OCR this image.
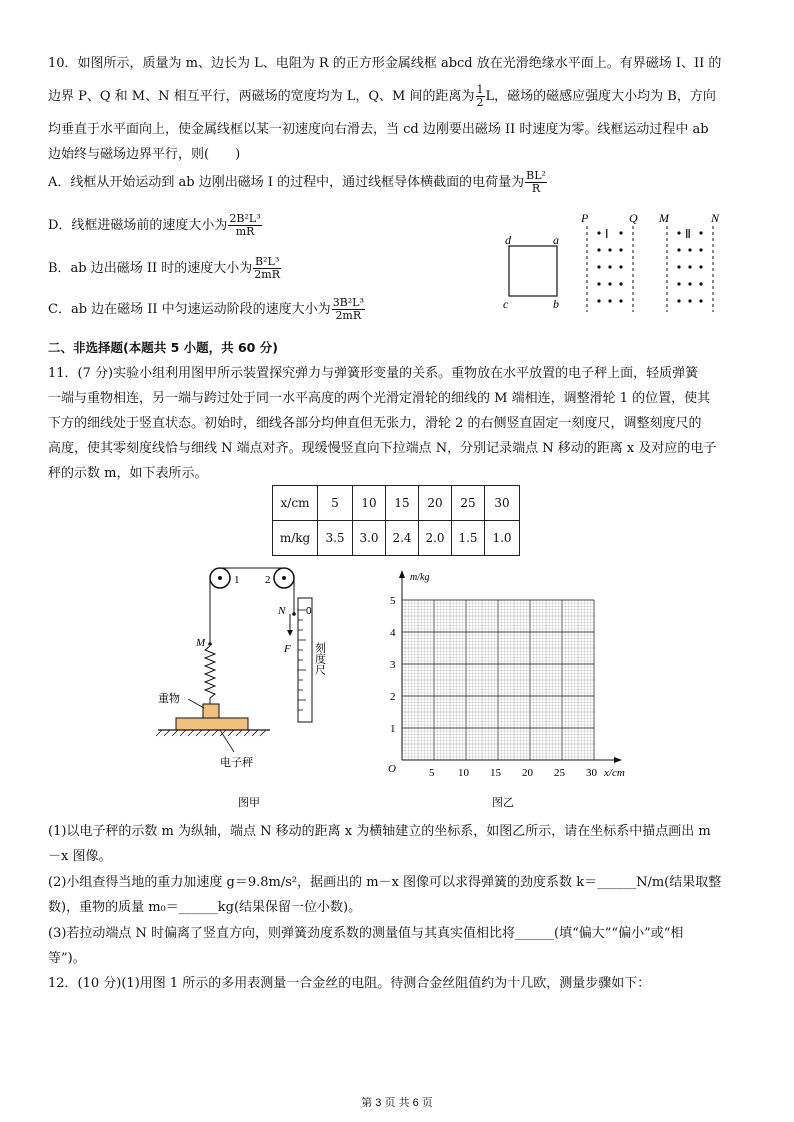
10．如图所示，质量为 m、边长为 L、电阻为 R 的正方形金属线框 abcd 放在光滑绝缘水平面上。有界磁场 I、II 的
边界 P、Q 和 M、N 相互平行，两磁场的宽度均为 L，Q、M 间的距离为 $\frac{1}{2}$ L，磁场的磁感应强度大小均为 B，方向
均垂直于水平面向上，使金属线框以某一初速度向右滑去，当 cd 边刚要出磁场 II 时速度为零。线框运动过程中 ab
边始终与磁场边界平行，则(　　)
A．线框从开始运动到 ab 边刚出磁场 I 的过程中，通过线框导体横截面的电荷量为 $\frac{\text{BL²}}{R}$
D．线框进磁场前的速度大小为 $\frac{\text{2B²L³}}{mR}$
B．ab 边出磁场 II 时的速度大小为 $\frac{\text{B²L³}}{2mR}$
C．ab 边在磁场 II 中匀速运动阶段的速度大小为 $\frac{\text{3B²L³}}{2mR}$
d	a
c	b
P	Q M	N
Ⅰ	Ⅱ
二、非选择题(本题共 5 小题，共 60 分)
11．(7 分)实验小组利用图甲所示装置探究弹力与弹簧形变量的关系。重物放在水平放置的电子秤上面，轻质弹簧
一端与重物相连，另一端与跨过处于同一水平高度的两个光滑定滑轮的细线的 M 端相连，调整滑轮 1 的位置，使其
下方的细线处于竖直状态。初始时，细线各部分均伸直但无张力，滑轮 2 的右侧竖直固定一刻度尺，调整刻度尺的
高度，使其零刻度线恰与细线 N 端点对齐。现缓慢竖直向下拉端点 N，分别记录端点 N 移动的距离 x 及对应的电子
秤的示数 m，如下表所示。
x/cm	5	10	15	20	25	30
m/kg	3.5	3.0	2.4	2.0	1.5	1.0
1 2
N
F
M
重物
电子秤
0
刻度尺
图甲
m/kg
x/cm
O
5
4
3
2
1
5 10 15 20 25 30
图乙
(1)以电子秤的示数 m 为纵轴，端点 N 移动的距离 x 为横轴建立的坐标系，如图乙所示，请在坐标系中描点画出 m
－x 图像。
(2)小组查得当地的重力加速度 g＝9.8m/s²，据画出的 m－x 图像可以求得弹簧的劲度系数 k＝______N/m(结果取整
数)，重物的质量 m₀＝______kg(结果保留一位小数)。
(3)若拉动端点 N 时偏离了竖直方向，则弹簧劲度系数的测量值与其真实值相比将______(填“偏大”“偏小”或“相
等”)。
12．(10 分)(1)用图 1 所示的多用表测量一合金丝的电阻。待测合金丝阻值约为十几欧，测量步骤如下：
第 3 页 共 6 页
